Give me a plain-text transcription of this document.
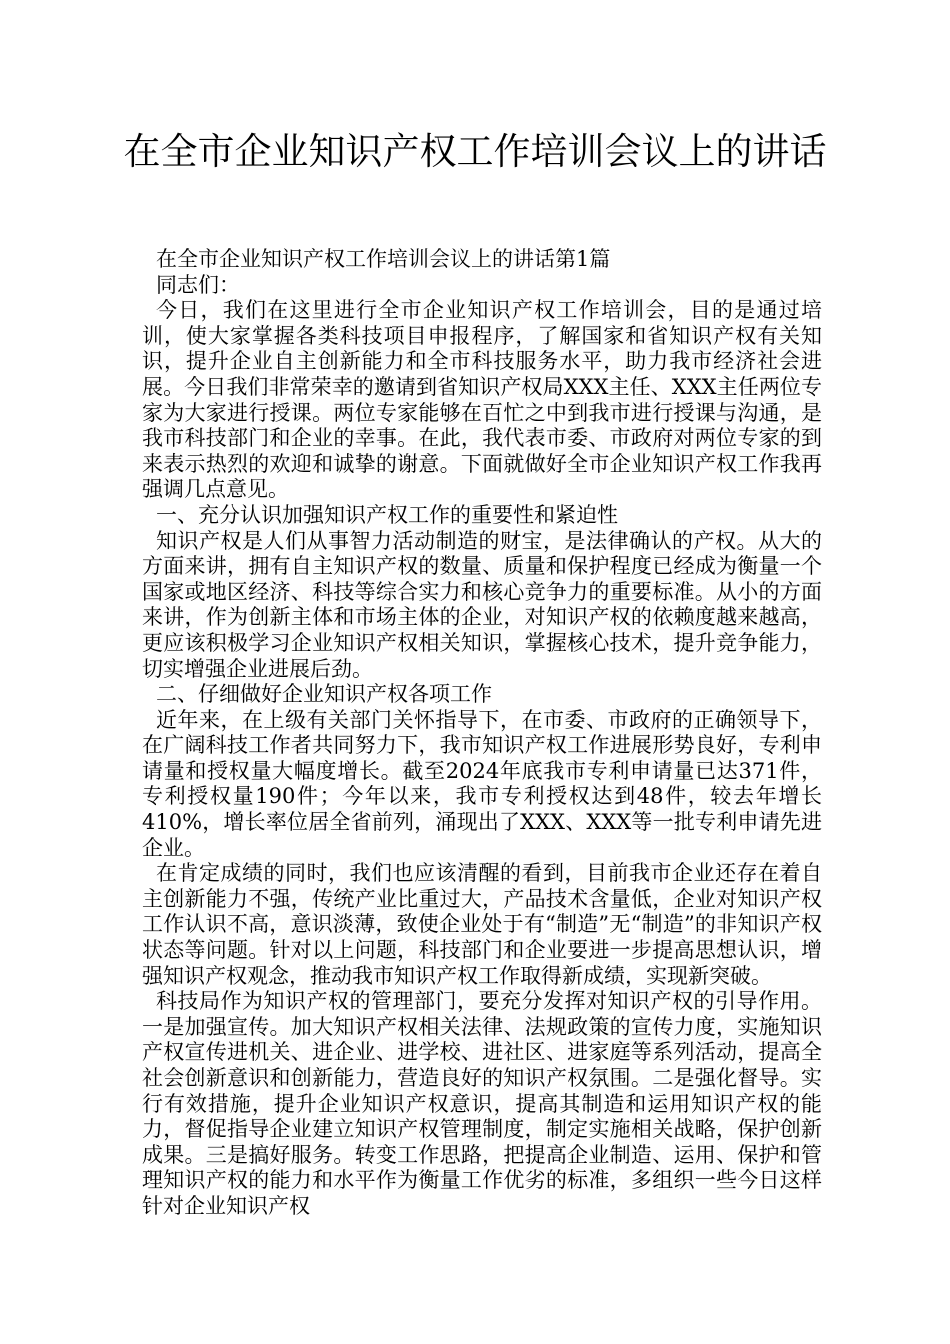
在全市企业知识产权工作培训会议上的讲话

在全市企业知识产权工作培训会议上的讲话第1篇

同志们：

今日，我们在这里进行全市企业知识产权工作培训会，目的是通过培训，使大家掌握各类科技项目申报程序，了解国家和省知识产权有关知识，提升企业自主创新能力和全市科技服务水平，助力我市经济社会进展。今日我们非常荣幸的邀请到省知识产权局XXX主任、XXX主任两位专家为大家进行授课。两位专家能够在百忙之中到我市进行授课与沟通，是我市科技部门和企业的幸事。在此，我代表市委、市政府对两位专家的到来表示热烈的欢迎和诚挚的谢意。下面就做好全市企业知识产权工作我再强调几点意见。

一、充分认识加强知识产权工作的重要性和紧迫性

知识产权是人们从事智力活动制造的财宝，是法律确认的产权。从大的方面来讲，拥有自主知识产权的数量、质量和保护程度已经成为衡量一个国家或地区经济、科技等综合实力和核心竞争力的重要标准。从小的方面来讲，作为创新主体和市场主体的企业，对知识产权的依赖度越来越高，更应该积极学习企业知识产权相关知识，掌握核心技术，提升竞争能力，切实增强企业进展后劲。

二、仔细做好企业知识产权各项工作

近年来，在上级有关部门关怀指导下，在市委、市政府的正确领导下，在广阔科技工作者共同努力下，我市知识产权工作进展形势良好，专利申请量和授权量大幅度增长。截至2024年底我市专利申请量已达371件，专利授权量190件；今年以来，我市专利授权达到48件，较去年增长410%，增长率位居全省前列，涌现出了XXX、XXX等一批专利申请先进企业。

在肯定成绩的同时，我们也应该清醒的看到，目前我市企业还存在着自主创新能力不强，传统产业比重过大，产品技术含量低，企业对知识产权工作认识不高，意识淡薄，致使企业处于有“制造”无“制造”的非知识产权状态等问题。针对以上问题，科技部门和企业要进一步提高思想认识，增强知识产权观念，推动我市知识产权工作取得新成绩，实现新突破。

科技局作为知识产权的管理部门，要充分发挥对知识产权的引导作用。一是加强宣传。加大知识产权相关法律、法规政策的宣传力度，实施知识产权宣传进机关、进企业、进学校、进社区、进家庭等系列活动，提高全社会创新意识和创新能力，营造良好的知识产权氛围。二是强化督导。实行有效措施，提升企业知识产权意识，提高其制造和运用知识产权的能力，督促指导企业建立知识产权管理制度，制定实施相关战略，保护创新成果。三是搞好服务。转变工作思路，把提高企业制造、运用、保护和管理知识产权的能力和水平作为衡量工作优劣的标准，多组织一些今日这样针对企业知识产权
